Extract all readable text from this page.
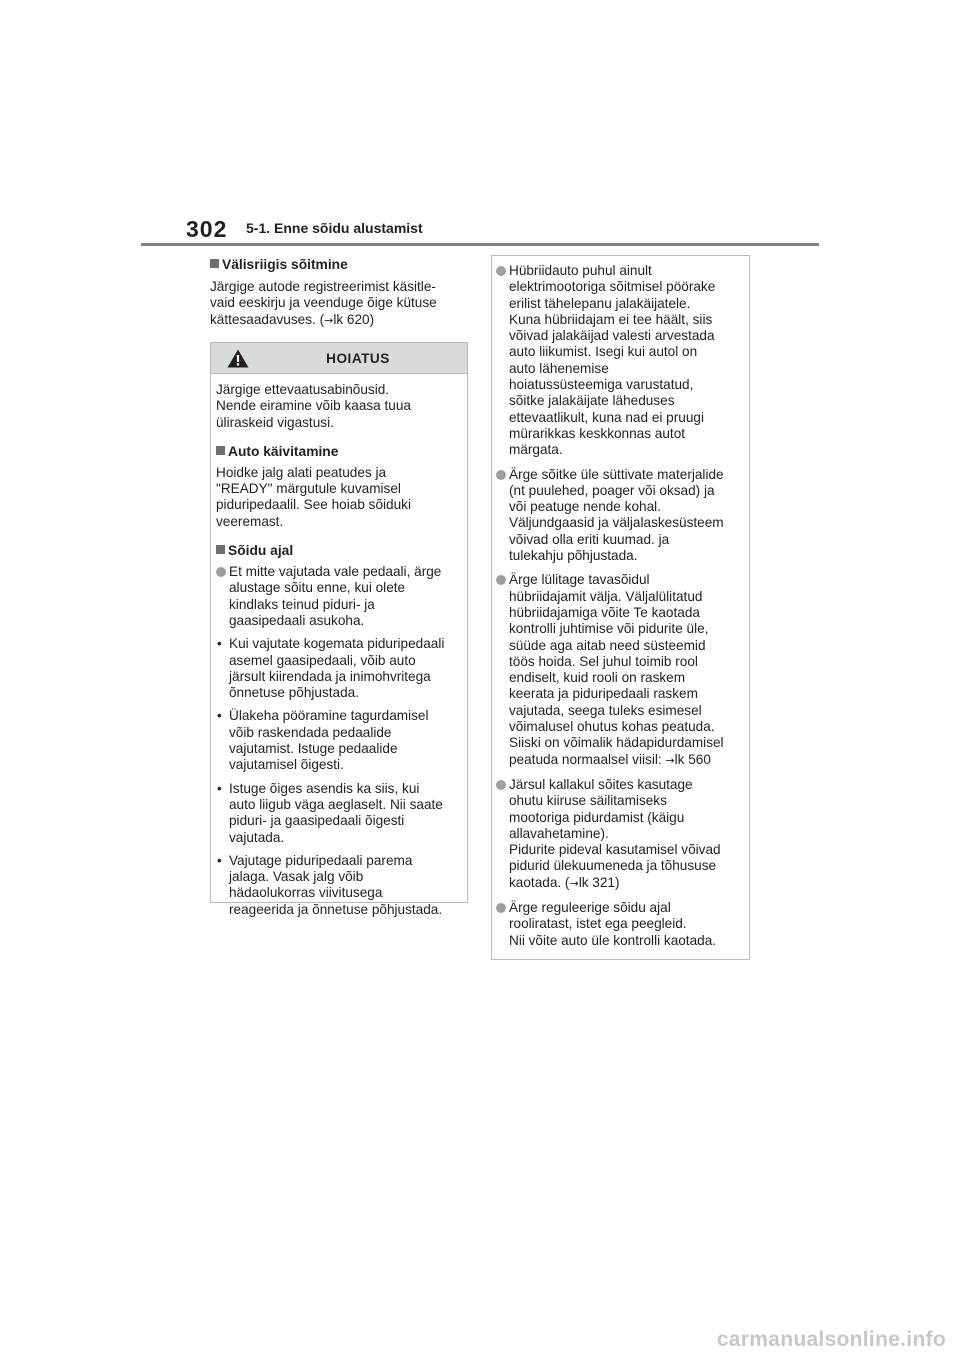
302 5-1. Enne sõidu alustamist

Välisriigis sõitmine

Järgige autode registreerimist käsitle-
vaid eeskirju ja veenduge õige kütuse
kättesaadavuses. (→lk 620)

HOIATUS

Järgige ettevaatusabinõusid.
Nende eiramine võib kaasa tuua
üliraskeid vigastusi.

Auto käivitamine

Hoidke jalg alati peatudes ja
"READY" märgutule kuvamisel
piduripedaalil. See hoiab sõiduki
veeremast.

Sõidu ajal

Et mitte vajutada vale pedaali, ärge
alustage sõitu enne, kui olete
kindlaks teinud piduri- ja
gaasipedaali asukoha.
• Kui vajutate kogemata piduripedaali
asemel gaasipedaali, võib auto
järsult kiirendada ja inimohvritega
õnnetuse põhjustada.
• Ülakeha pööramine tagurdamisel
võib raskendada pedaalide
vajutamist. Istuge pedaalide
vajutamisel õigesti.
• Istuge õiges asendis ka siis, kui
auto liigub väga aeglaselt. Nii saate
piduri- ja gaasipedaali õigesti
vajutada.
• Vajutage piduripedaali parema
jalaga. Vasak jalg võib
hädaolukorras viivitusega
reageerida ja õnnetuse põhjustada.
Hübriidauto puhul ainult
elektrimootoriga sõitmisel pöörake
erilist tähelepanu jalakäijatele.
Kuna hübriidajam ei tee häält, siis
võivad jalakäijad valesti arvestada
auto liikumist. Isegi kui autol on
auto lähenemise
hoiatussüsteemiga varustatud,
sõitke jalakäijate läheduses
ettevaatlikult, kuna nad ei pruugi
mürarikkas keskkonnas autot
märgata.
Ärge sõitke üle süttivate materjalide
(nt puulehed, poager või oksad) ja
või peatuge nende kohal.
Väljundgaasid ja väljalaskesüsteem
võivad olla eriti kuumad. ja
tulekahju põhjustada.
Ärge lülitage tavasõidul
hübriidajamit välja. Väljalülitatud
hübriidajamiga võite Te kaotada
kontrolli juhtimise või pidurite üle,
süüde aga aitab need süsteemid
töös hoida. Sel juhul toimib rool
endiselt, kuid rooli on raskem
keerata ja piduripedaali raskem
vajutada, seega tuleks esimesel
võimalusel ohutus kohas peatuda.
Siiski on võimalik hädapidurdamisel
peatuda normaalsel viisil: →lk 560
Järsul kallakul sõites kasutage
ohutu kiiruse säilitamiseks
mootoriga pidurdamist (käigu
allavahetamine).
Pidurite pideval kasutamisel võivad
pidurid ülekuumeneda ja tõhususe
kaotada. (→lk 321)
Ärge reguleerige sõidu ajal
rooliratast, istet ega peegleid.
Nii võite auto üle kontrolli kaotada.
carmanualsonline.info
